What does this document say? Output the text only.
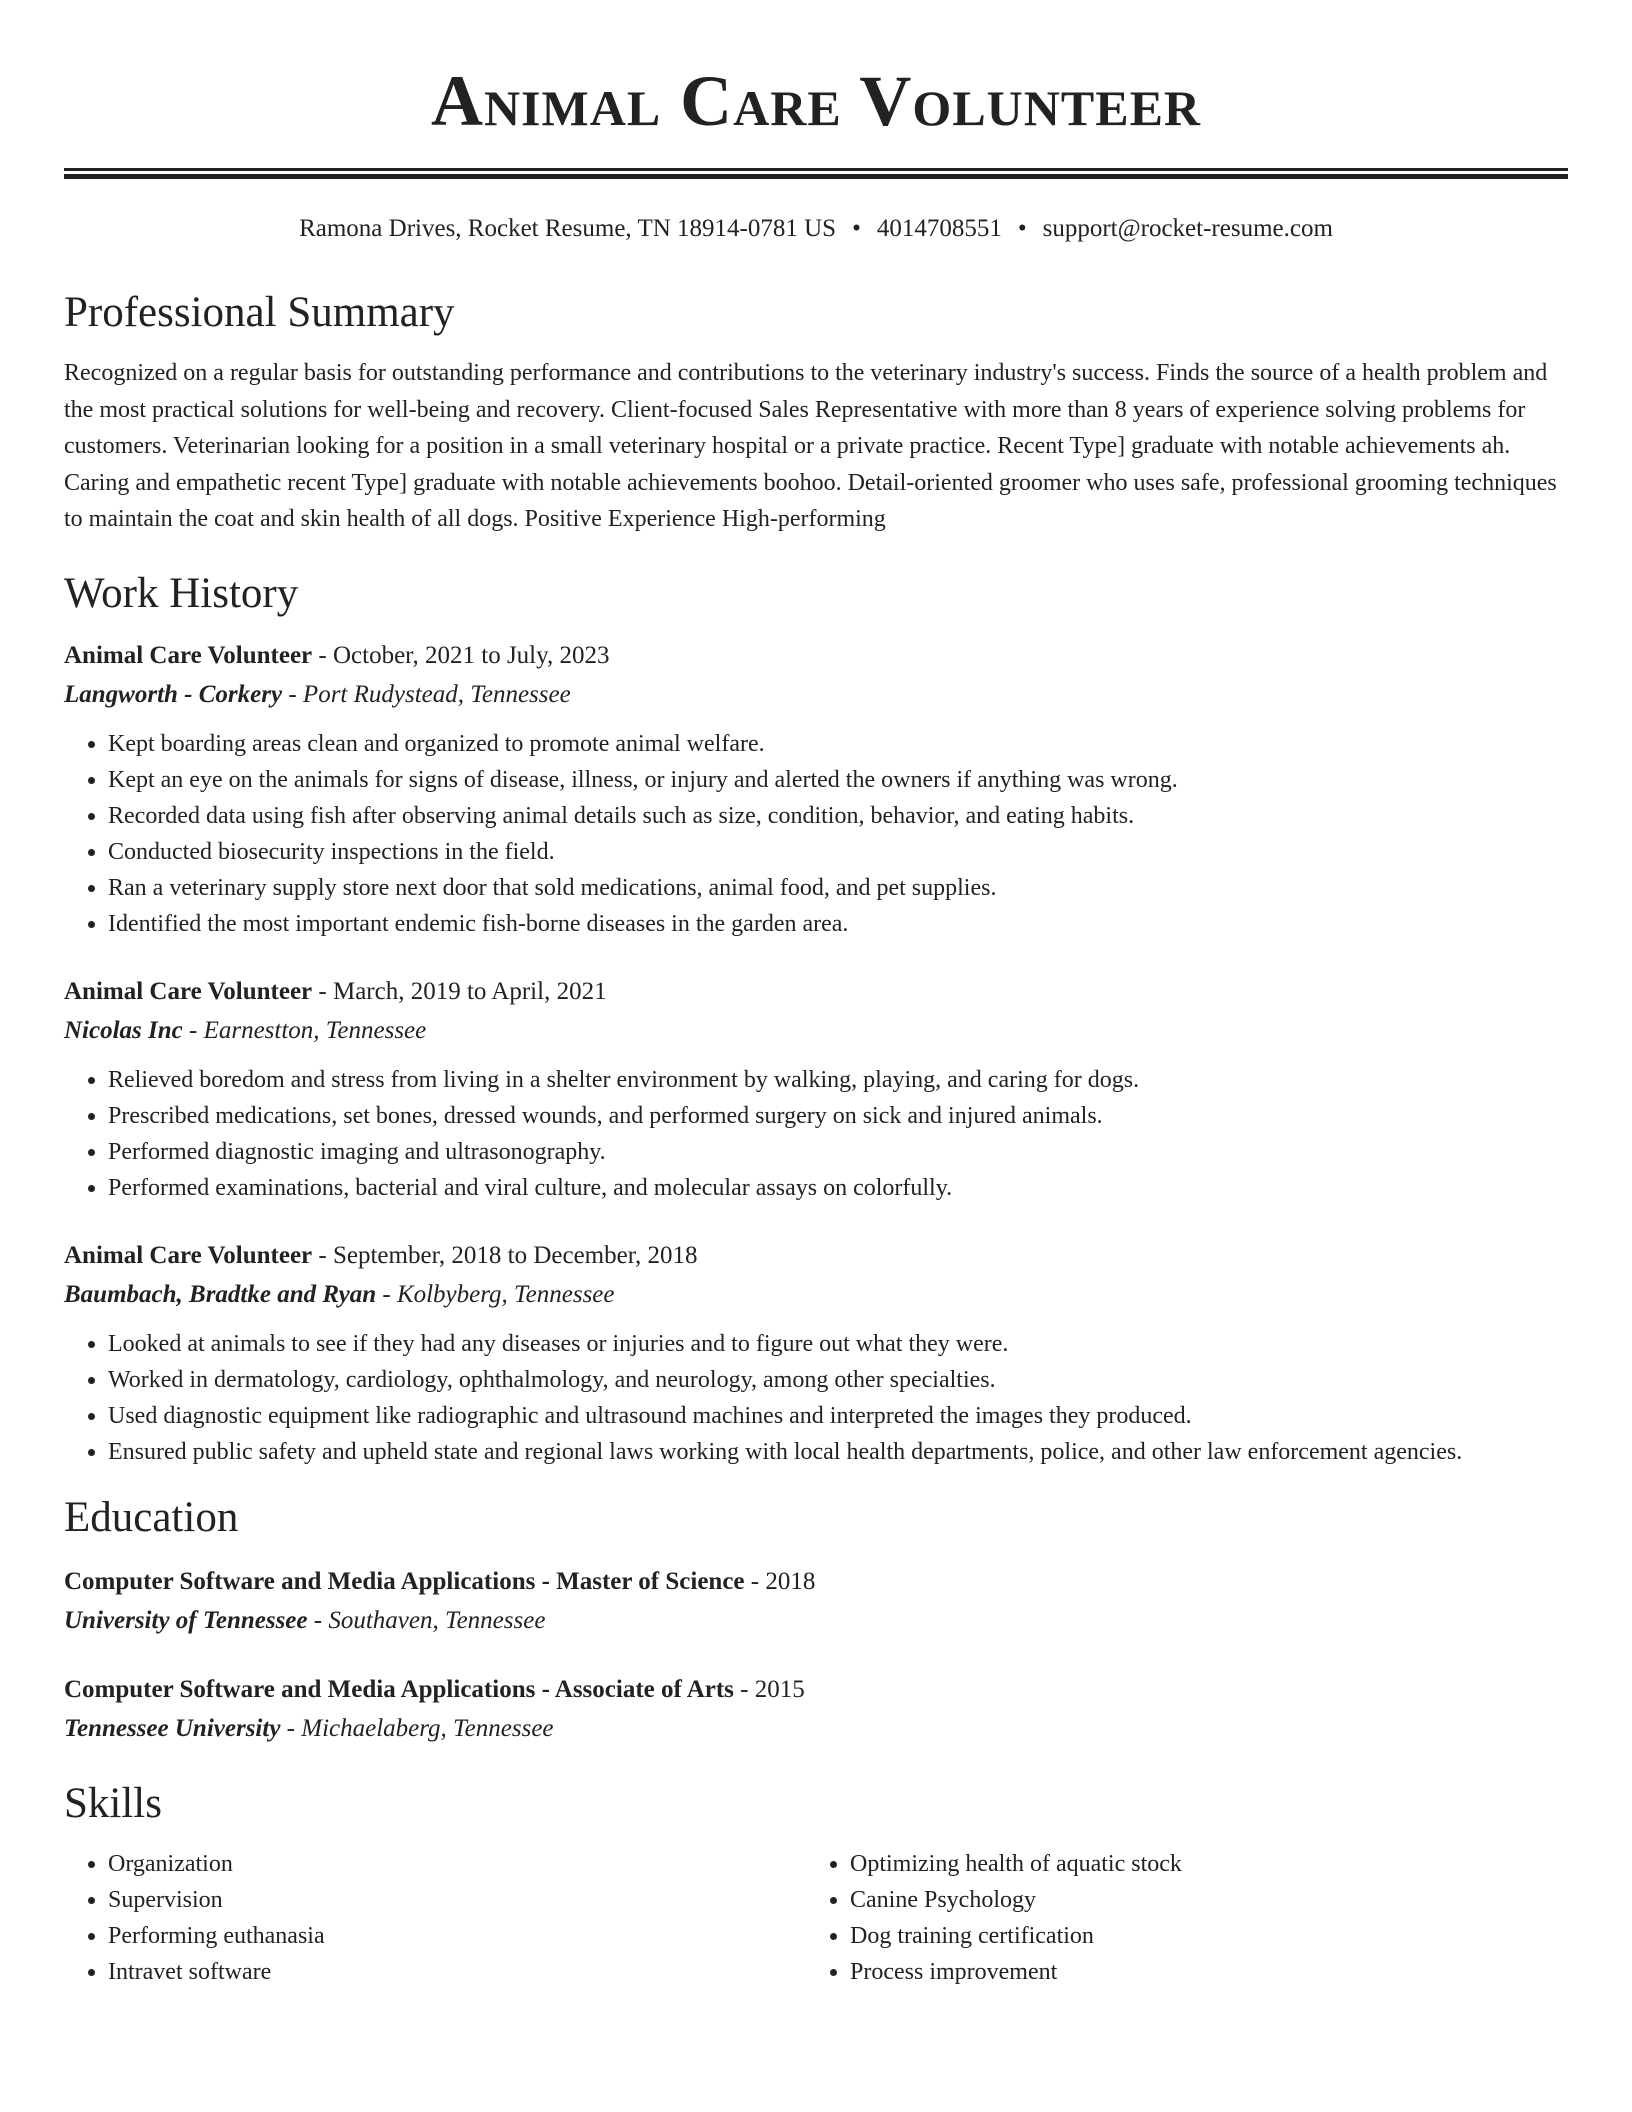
Animal Care Volunteer
Ramona Drives, Rocket Resume, TN 18914-0781 US • 4014708551 • support@rocket-resume.com
Professional Summary

Recognized on a regular basis for outstanding performance and contributions to the veterinary industry's success. Finds the source of a health problem and the most practical solutions for well-being and recovery. Client-focused Sales Representative with more than 8 years of experience solving problems for customers. Veterinarian looking for a position in a small veterinary hospital or a private practice. Recent Type] graduate with notable achievements ah. Caring and empathetic recent Type] graduate with notable achievements boohoo. Detail-oriented groomer who uses safe, professional grooming techniques to maintain the coat and skin health of all dogs. Positive Experience High-performing

Work History
Animal Care Volunteer - October, 2021 to July, 2023
Langworth - Corkery - Port Rudystead, Tennessee
• Kept boarding areas clean and organized to promote animal welfare.
• Kept an eye on the animals for signs of disease, illness, or injury and alerted the owners if anything was wrong.
• Recorded data using fish after observing animal details such as size, condition, behavior, and eating habits.
• Conducted biosecurity inspections in the field.
• Ran a veterinary supply store next door that sold medications, animal food, and pet supplies.
• Identified the most important endemic fish-borne diseases in the garden area.
Animal Care Volunteer - March, 2019 to April, 2021
Nicolas Inc - Earnestton, Tennessee
• Relieved boredom and stress from living in a shelter environment by walking, playing, and caring for dogs.
• Prescribed medications, set bones, dressed wounds, and performed surgery on sick and injured animals.
• Performed diagnostic imaging and ultrasonography.
• Performed examinations, bacterial and viral culture, and molecular assays on colorfully.
Animal Care Volunteer - September, 2018 to December, 2018
Baumbach, Bradtke and Ryan - Kolbyberg, Tennessee
• Looked at animals to see if they had any diseases or injuries and to figure out what they were.
• Worked in dermatology, cardiology, ophthalmology, and neurology, among other specialties.
• Used diagnostic equipment like radiographic and ultrasound machines and interpreted the images they produced.
• Ensured public safety and upheld state and regional laws working with local health departments, police, and other law enforcement agencies.
Education
Computer Software and Media Applications - Master of Science - 2018
University of Tennessee - Southaven, Tennessee
Computer Software and Media Applications - Associate of Arts - 2015
Tennessee University - Michaelaberg, Tennessee
Skills
• Organization
• Supervision
• Performing euthanasia
• Intravet software
• Optimizing health of aquatic stock
• Canine Psychology
• Dog training certification
• Process improvement
